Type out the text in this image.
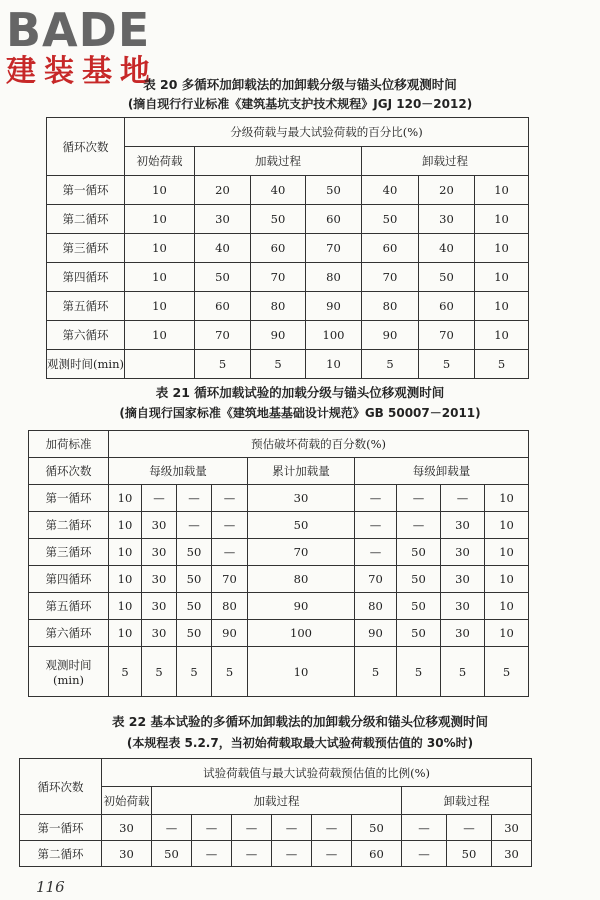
BADE
建装基地
表 20 多循环加卸载法的加卸载分级与锚头位移观测时间
(摘自现行行业标准《建筑基坑支护技术规程》JGJ 120－2012)
循环次数	分级荷载与最大试验荷载的百分比(%)						
	初始荷载	加载过程			卸载过程		
第一循环	10	20	40	50	40	20	10
第二循环	10	30	50	60	50	30	10
第三循环	10	40	60	70	60	40	10
第四循环	10	50	70	80	70	50	10
第五循环	10	60	80	90	80	60	10
第六循环	10	70	90	100	90	70	10
观测时间(min)		5	5	10	5	5	5
表 21 循环加载试验的加载分级与锚头位移观测时间
(摘自现行国家标准《建筑地基基础设计规范》GB 50007－2011)
加荷标准	预估破坏荷载的百分数(%)								
循环次数	每级加载量				累计加载量	每级卸载量			
第一循环	10	—	—	—	30	—	—	—	10
第二循环	10	30	—	—	50	—	—	30	10
第三循环	10	30	50	—	70	—	50	30	10
第四循环	10	30	50	70	80	70	50	30	10
第五循环	10	30	50	80	90	80	50	30	10
第六循环	10	30	50	90	100	90	50	30	10

观测时间
(min)	5	5	5	5	10	5	5	5	5
表 22 基本试验的多循环加卸载法的加卸载分级和锚头位移观测时间
(本规程表 5.2.7，当初始荷载取最大试验荷载预估值的 30%时)
循环次数	试验荷载值与最大试验荷载预估值的比例(%)									
	初始荷载	加载过程						卸载过程		
第一循环	30	—	—	—	—	—	50	—	—	30
第二循环	30	50	—	—	—	—	60	—	50	30
116
